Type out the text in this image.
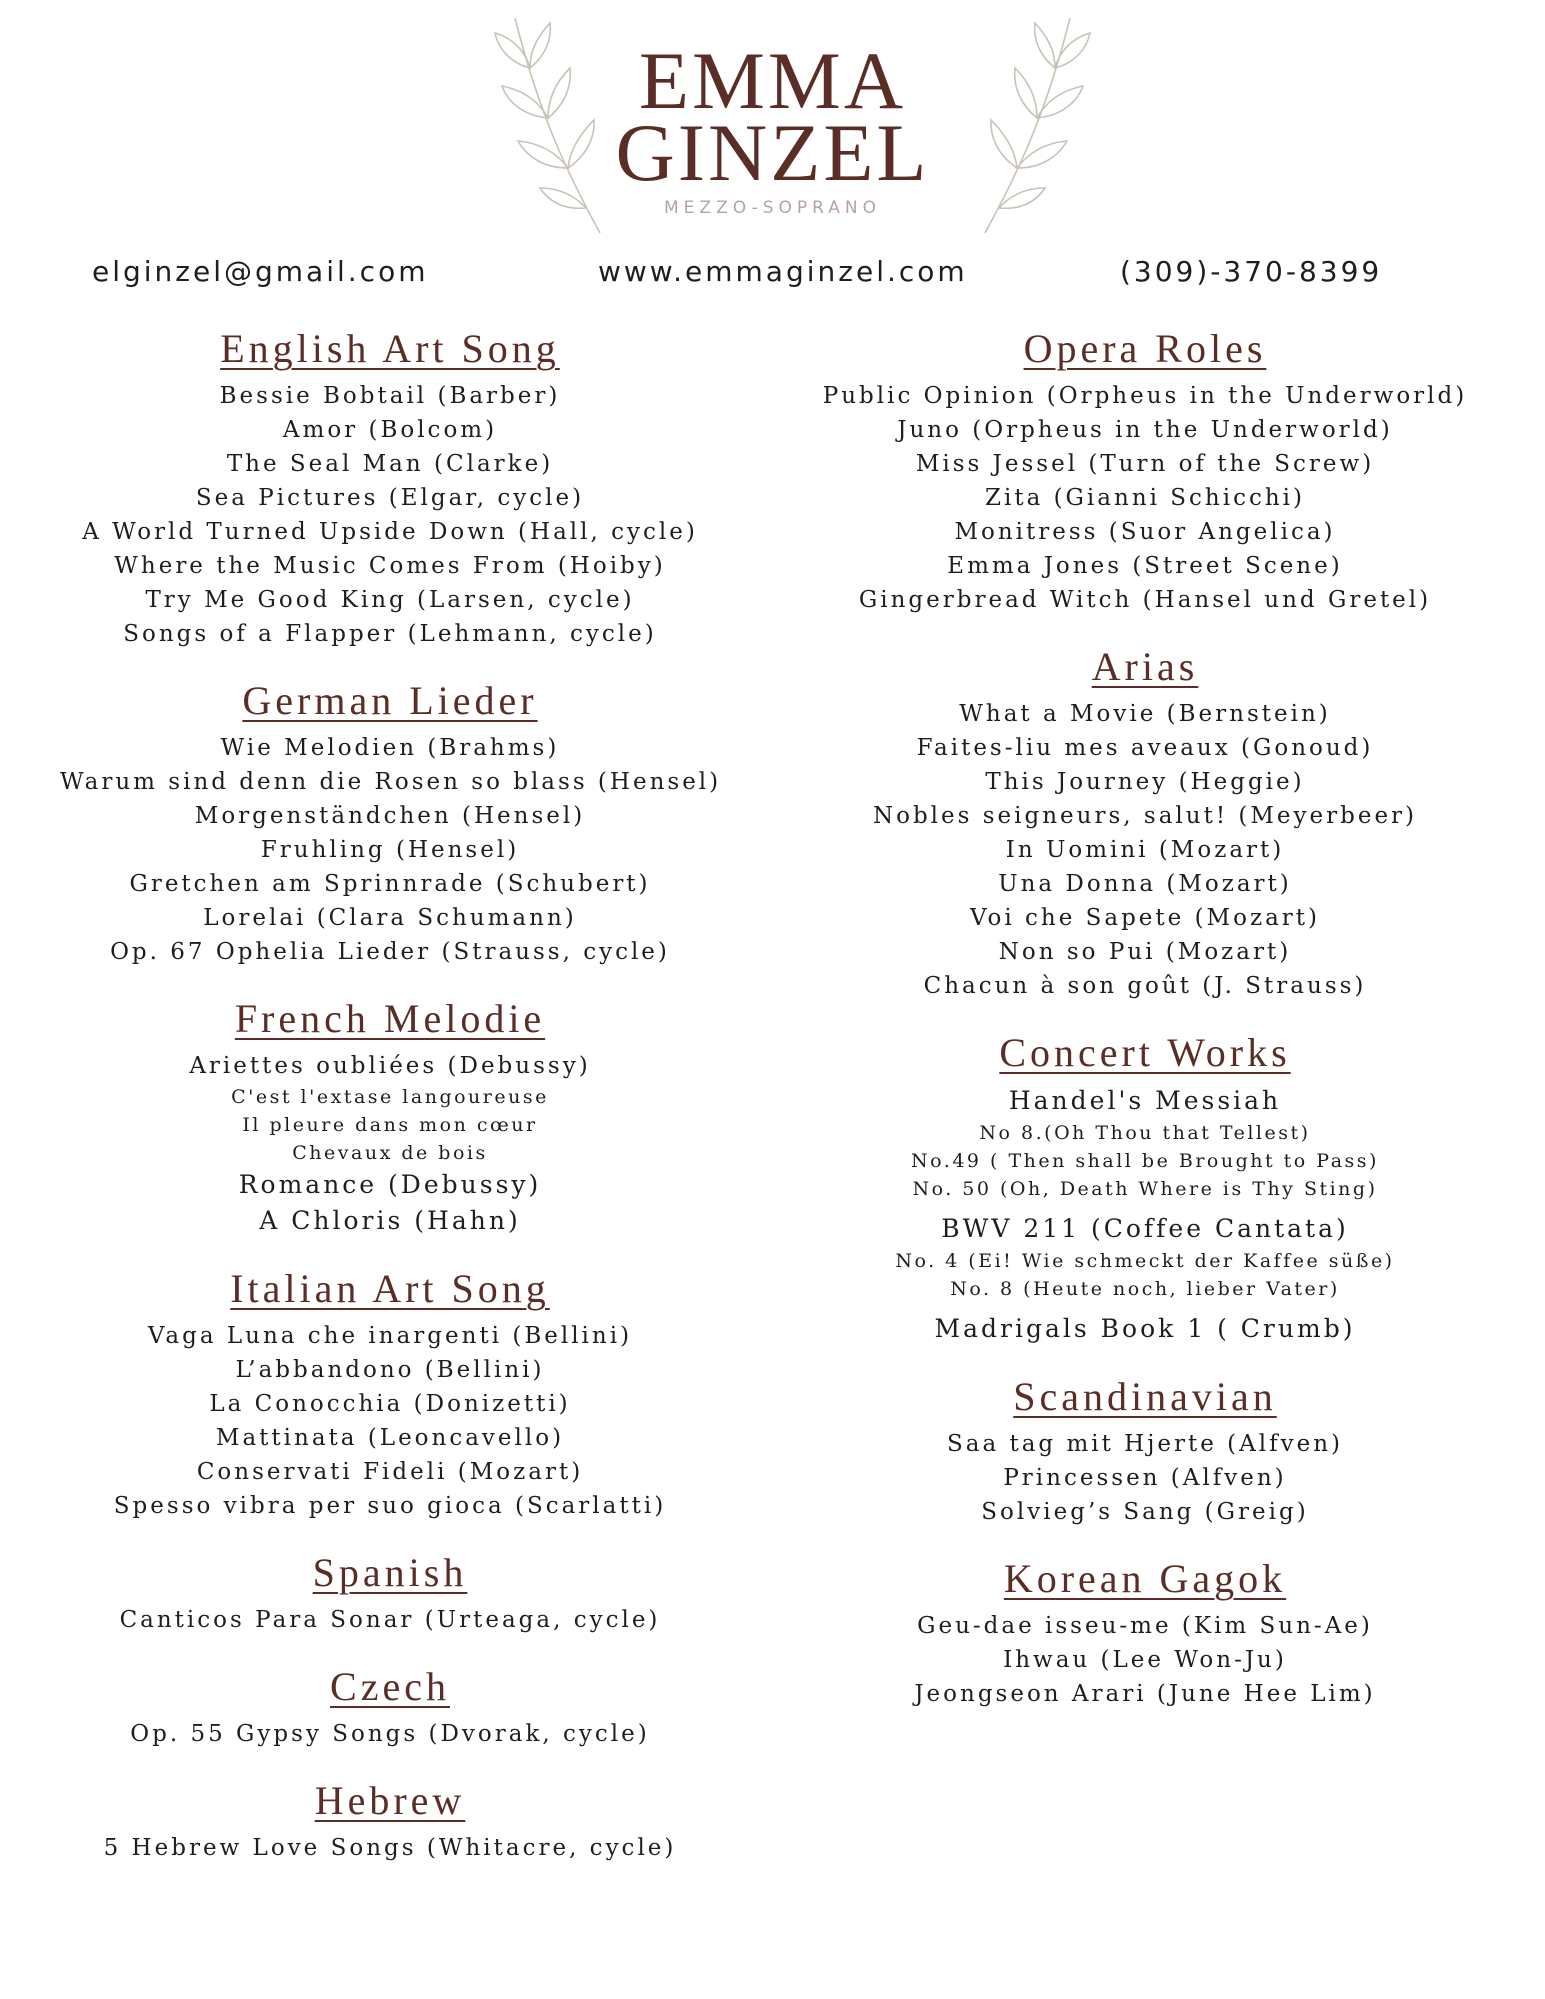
EMMA
GINZEL
MEZZO-SOPRANO
elginzel@gmail.com	www.emmaginzel.com	(309)-370-8399
English Art Song
Bessie Bobtail (Barber)
Amor (Bolcom)
The Seal Man (Clarke)
Sea Pictures (Elgar, cycle)
A World Turned Upside Down (Hall, cycle)
Where the Music Comes From (Hoiby)
Try Me Good King (Larsen, cycle)
Songs of a Flapper (Lehmann, cycle)
German Lieder
Wie Melodien (Brahms)
Warum sind denn die Rosen so blass (Hensel)
Morgenständchen (Hensel)
Fruhling (Hensel)
Gretchen am Sprinnrade (Schubert)
Lorelai (Clara Schumann)
Op. 67 Ophelia Lieder (Strauss, cycle)
French Melodie
Ariettes oubliées (Debussy)
C'est l'extase langoureuse
Il pleure dans mon cœur
Chevaux de bois
Romance (Debussy)
A Chloris (Hahn)
Italian Art Song
Vaga Luna che inargenti (Bellini)
L’abbandono (Bellini)
La Conocchia (Donizetti)
Mattinata (Leoncavello)
Conservati Fideli (Mozart)
Spesso vibra per suo gioca (Scarlatti)
Spanish
Canticos Para Sonar (Urteaga, cycle)
Czech
Op. 55 Gypsy Songs (Dvorak, cycle)
Hebrew
5 Hebrew Love Songs (Whitacre, cycle)
Opera Roles
Public Opinion (Orpheus in the Underworld)
Juno (Orpheus in the Underworld)
Miss Jessel (Turn of the Screw)
Zita (Gianni Schicchi)
Monitress (Suor Angelica)
Emma Jones (Street Scene)
Gingerbread Witch (Hansel und Gretel)
Arias
What a Movie (Bernstein)
Faites-liu mes aveaux (Gonoud)
This Journey (Heggie)
Nobles seigneurs, salut! (Meyerbeer)
In Uomini (Mozart)
Una Donna (Mozart)
Voi che Sapete (Mozart)
Non so Pui (Mozart)
Chacun à son goût (J. Strauss)
Concert Works
Handel's Messiah
No 8.(Oh Thou that Tellest)
No.49 ( Then shall be Brought to Pass)
No. 50 (Oh, Death Where is Thy Sting)
BWV 211 (Coffee Cantata)
No. 4 (Ei! Wie schmeckt der Kaffee süße)
No. 8 (Heute noch, lieber Vater)
Madrigals Book 1 ( Crumb)
Scandinavian
Saa tag mit Hjerte (Alfven)
Princessen (Alfven)
Solvieg’s Sang (Greig)
Korean Gagok
Geu-dae isseu-me (Kim Sun-Ae)
Ihwau (Lee Won-Ju)
Jeongseon Arari (June Hee Lim)
